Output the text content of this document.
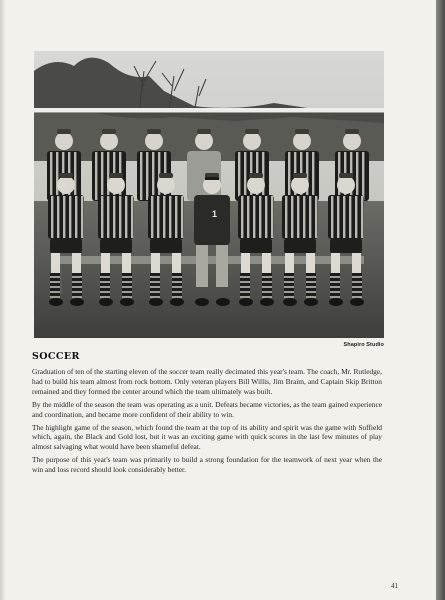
1
Shapiro Studio
SOCCER

Graduation of ten of the starting eleven of the soccer team really decimated this year's team. The coach, Mr. Rutledge, had to build his team almost from rock bottom. Only veteran players Bill Willis, Jim Braim, and Captain Skip Britton remained and they formed the center around which the team ultimately was built.

By the middle of the season the team was operating as a unit. Defeats became victories, as the team gained experience and coordination, and became more confident of their ability to win.

The highlight game of the season, which found the team at the top of its ability and spirit was the game with Suffield which, again, the Black and Gold lost, but it was an exciting game with quick scores in the last few minutes of play almost salvaging what would have been shameful defeat.

The purpose of this year's team was primarily to build a strong foundation for the teamwork of next year when the win and loss record should look considerably better.

41
